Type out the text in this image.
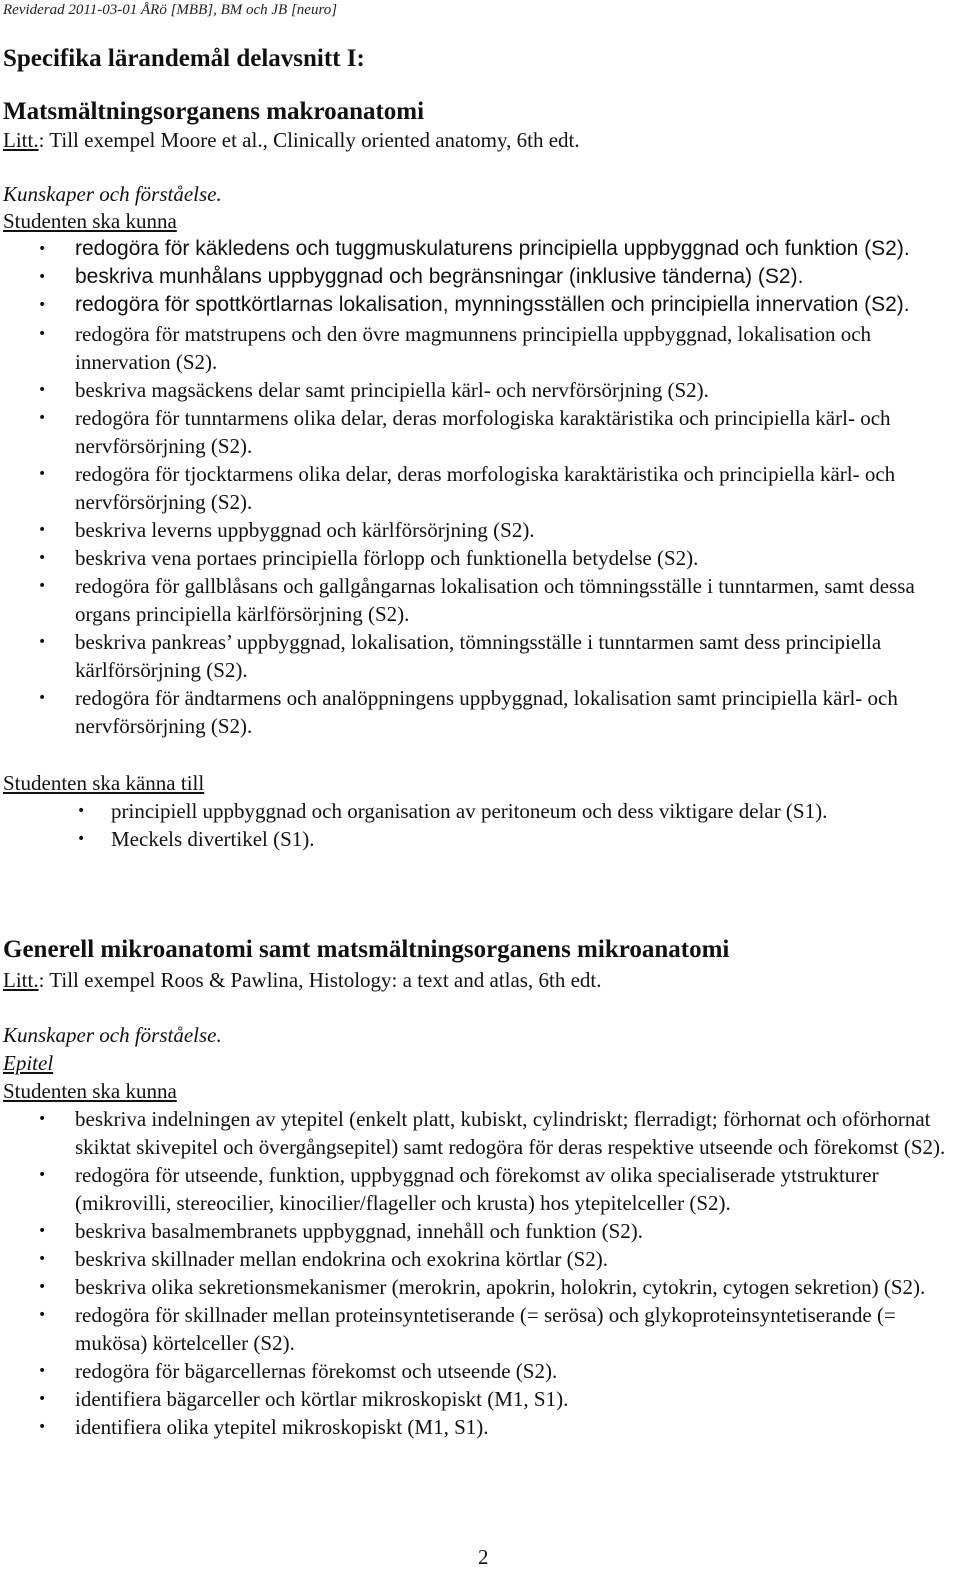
Reviderad 2011-03-01 ÅRö [MBB], BM och JB [neuro]
Specifika lärandemål delavsnitt I:
Matsmältningsorganens makroanatomi
Litt.: Till exempel Moore et al., Clinically oriented anatomy, 6th edt.
Kunskaper och förståelse.
Studenten ska kunna
• redogöra för käkledens och tuggmuskulaturens principiella uppbyggnad och funktion (S2).
• beskriva munhålans uppbyggnad och begränsningar (inklusive tänderna) (S2).
• redogöra för spottkörtlarnas lokalisation, mynningsställen och principiella innervation (S2).
• redogöra för matstrupens och den övre magmunnens principiella uppbyggnad, lokalisation och innervation (S2).
• beskriva magsäckens delar samt principiella kärl- och nervförsörjning (S2).
• redogöra för tunntarmens olika delar, deras morfologiska karaktäristika och principiella kärl- och nervförsörjning (S2).
• redogöra för tjocktarmens olika delar, deras morfologiska karaktäristika och principiella kärl- och nervförsörjning (S2).
• beskriva leverns uppbyggnad och kärlförsörjning (S2).
• beskriva vena portaes principiella förlopp och funktionella betydelse (S2).
• redogöra för gallblåsans och gallgångarnas lokalisation och tömningsställe i tunntarmen, samt dessa organs principiella kärlförsörjning (S2).
• beskriva pankreas’ uppbyggnad, lokalisation, tömningsställe i tunntarmen samt dess principiella kärlförsörjning (S2).
• redogöra för ändtarmens och analöppningens uppbyggnad, lokalisation samt principiella kärl- och nervförsörjning (S2).
Studenten ska känna till
• principiell uppbyggnad och organisation av peritoneum och dess viktigare delar (S1).
• Meckels divertikel (S1).
Generell mikroanatomi samt matsmältningsorganens mikroanatomi
Litt.: Till exempel Roos & Pawlina, Histology: a text and atlas, 6th edt.
Kunskaper och förståelse.
Epitel
Studenten ska kunna
• beskriva indelningen av ytepitel (enkelt platt, kubiskt, cylindriskt; flerradigt; förhornat och oförhornat skiktat skivepitel och övergångsepitel) samt redogöra för deras respektive utseende och förekomst (S2).
• redogöra för utseende, funktion, uppbyggnad och förekomst av olika specialiserade ytstrukturer (mikrovilli, stereocilier, kinocilier/flageller och krusta) hos ytepitelceller (S2).
• beskriva basalmembranets uppbyggnad, innehåll och funktion (S2).
• beskriva skillnader mellan endokrina och exokrina körtlar (S2).
• beskriva olika sekretionsmekanismer (merokrin, apokrin, holokrin, cytokrin, cytogen sekretion) (S2).
• redogöra för skillnader mellan proteinsyntetiserande (= serösa) och glykoproteinsyntetiserande (= mukösa) körtelceller (S2).
• redogöra för bägarcellernas förekomst och utseende (S2).
• identifiera bägarceller och körtlar mikroskopiskt (M1, S1).
• identifiera olika ytepitel mikroskopiskt (M1, S1).
2
